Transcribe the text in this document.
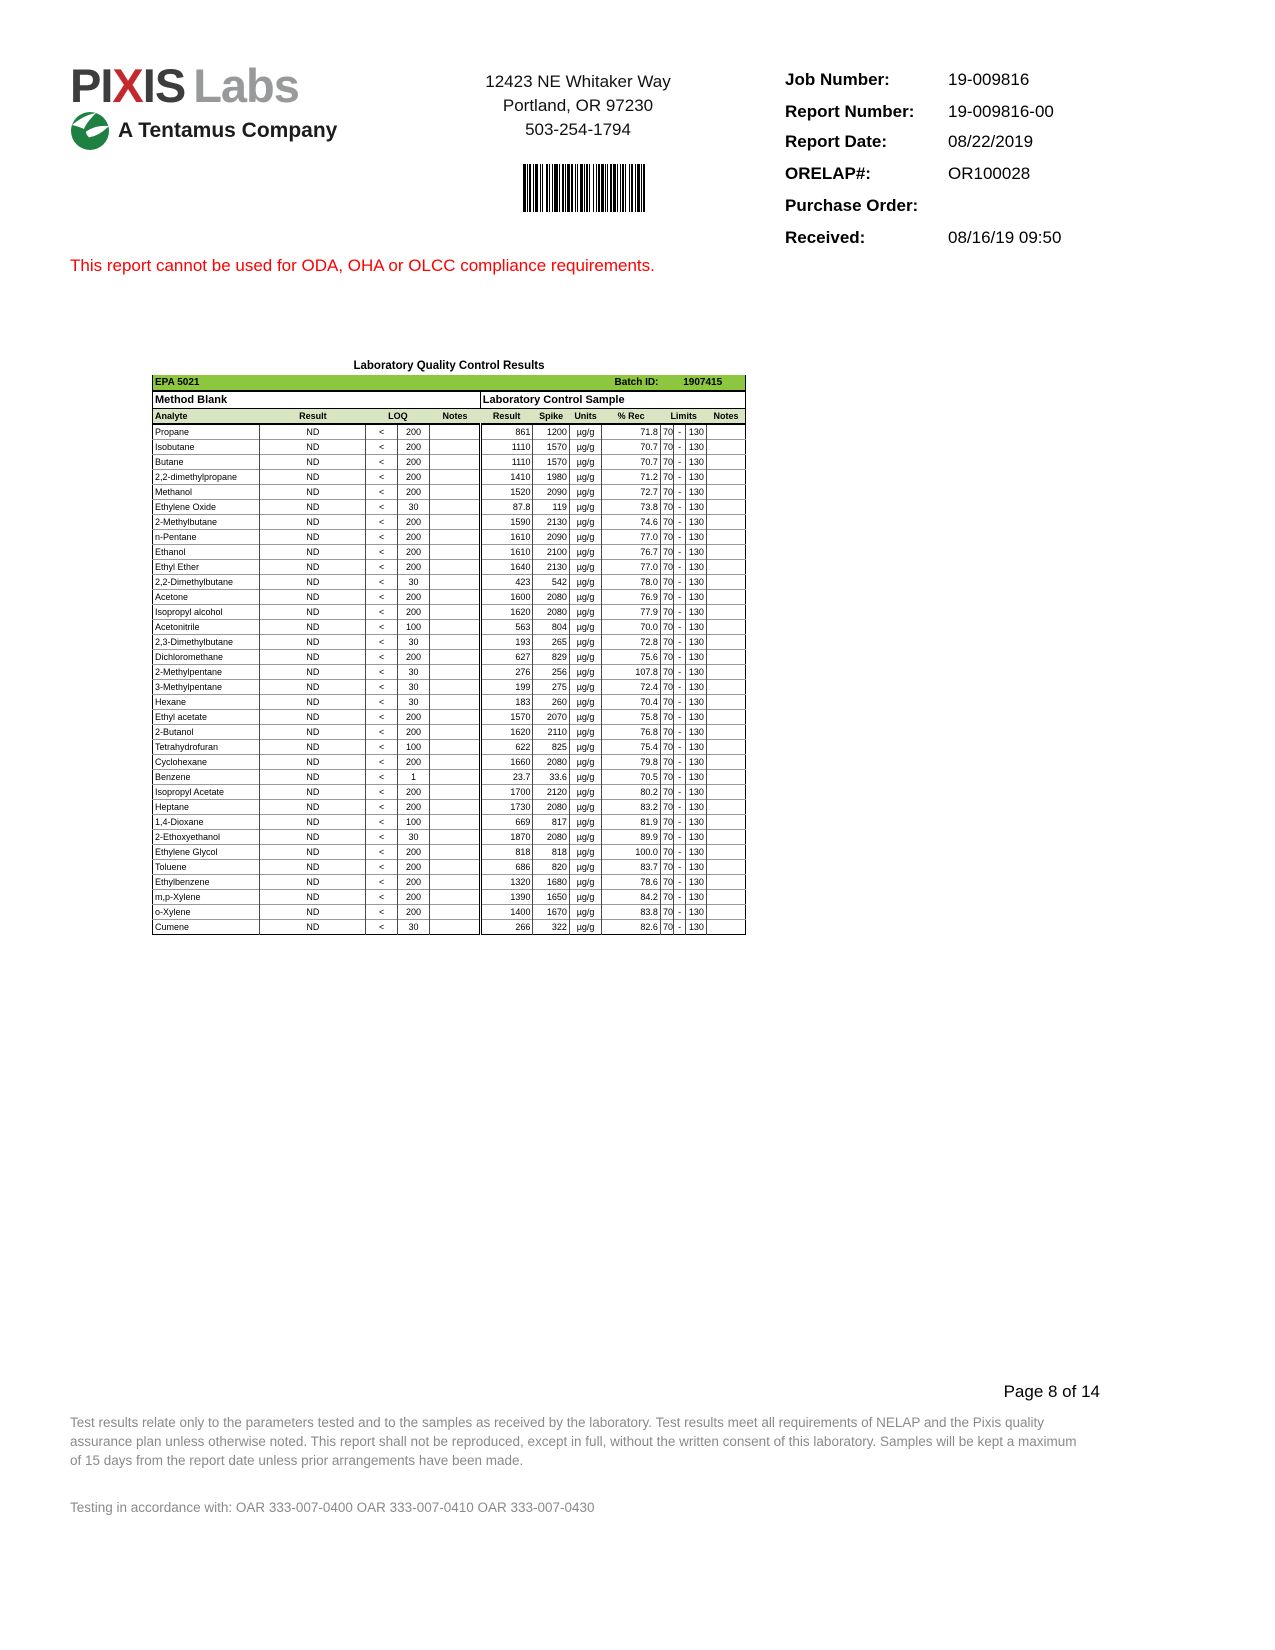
PIXIS Labs
A Tentamus Company
12423 NE Whitaker Way
Portland, OR 97230
503-254-1794
Job Number:	19-009816
Report Number:	19-009816-00
Report Date:	08/22/2019
ORELAP#:	OR100028
Purchase Order:
Received:	08/16/19 09:50
This report cannot be used for ODA, OHA or OLCC compliance requirements.
Laboratory Quality Control Results
EPA 5021						Batch ID:			1907415			
Method Blank					Laboratory Control Sample							
Analyte	Result	LOQ		Notes	Result	Spike	Units	% Rec	Limits			Notes
Propane	ND	<	200		861	1200	µg/g	71.8	70	-	130	
Isobutane	ND	<	200		1110	1570	µg/g	70.7	70	-	130	
Butane	ND	<	200		1110	1570	µg/g	70.7	70	-	130	
2,2-dimethylpropane	ND	<	200		1410	1980	µg/g	71.2	70	-	130	
Methanol	ND	<	200		1520	2090	µg/g	72.7	70	-	130	
Ethylene Oxide	ND	<	30		87.8	119	µg/g	73.8	70	-	130	
2-Methylbutane	ND	<	200		1590	2130	µg/g	74.6	70	-	130	
n-Pentane	ND	<	200		1610	2090	µg/g	77.0	70	-	130	
Ethanol	ND	<	200		1610	2100	µg/g	76.7	70	-	130	
Ethyl Ether	ND	<	200		1640	2130	µg/g	77.0	70	-	130	
2,2-Dimethylbutane	ND	<	30		423	542	µg/g	78.0	70	-	130	
Acetone	ND	<	200		1600	2080	µg/g	76.9	70	-	130	
Isopropyl alcohol	ND	<	200		1620	2080	µg/g	77.9	70	-	130	
Acetonitrile	ND	<	100		563	804	µg/g	70.0	70	-	130	
2,3-Dimethylbutane	ND	<	30		193	265	µg/g	72.8	70	-	130	
Dichloromethane	ND	<	200		627	829	µg/g	75.6	70	-	130	
2-Methylpentane	ND	<	30		276	256	µg/g	107.8	70	-	130	
3-Methylpentane	ND	<	30		199	275	µg/g	72.4	70	-	130	
Hexane	ND	<	30		183	260	µg/g	70.4	70	-	130	
Ethyl acetate	ND	<	200		1570	2070	µg/g	75.8	70	-	130	
2-Butanol	ND	<	200		1620	2110	µg/g	76.8	70	-	130	
Tetrahydrofuran	ND	<	100		622	825	µg/g	75.4	70	-	130	
Cyclohexane	ND	<	200		1660	2080	µg/g	79.8	70	-	130	
Benzene	ND	<	1		23.7	33.6	µg/g	70.5	70	-	130	
Isopropyl Acetate	ND	<	200		1700	2120	µg/g	80.2	70	-	130	
Heptane	ND	<	200		1730	2080	µg/g	83.2	70	-	130	
1,4-Dioxane	ND	<	100		669	817	µg/g	81.9	70	-	130	
2-Ethoxyethanol	ND	<	30		1870	2080	µg/g	89.9	70	-	130	
Ethylene Glycol	ND	<	200		818	818	µg/g	100.0	70	-	130	
Toluene	ND	<	200		686	820	µg/g	83.7	70	-	130	
Ethylbenzene	ND	<	200		1320	1680	µg/g	78.6	70	-	130	
m,p-Xylene	ND	<	200		1390	1650	µg/g	84.2	70	-	130	
o-Xylene	ND	<	200		1400	1670	µg/g	83.8	70	-	130	
Cumene	ND	<	30		266	322	µg/g	82.6	70	-	130	
Page 8 of 14
Test results relate only to the parameters tested and to the samples as received by the laboratory. Test results meet all requirements of NELAP and the Pixis quality assurance plan unless otherwise noted. This report shall not be reproduced, except in full, without the written consent of this laboratory. Samples will be kept a maximum of 15 days from the report date unless prior arrangements have been made.
Testing in accordance with: OAR 333-007-0400 OAR 333-007-0410 OAR 333-007-0430
